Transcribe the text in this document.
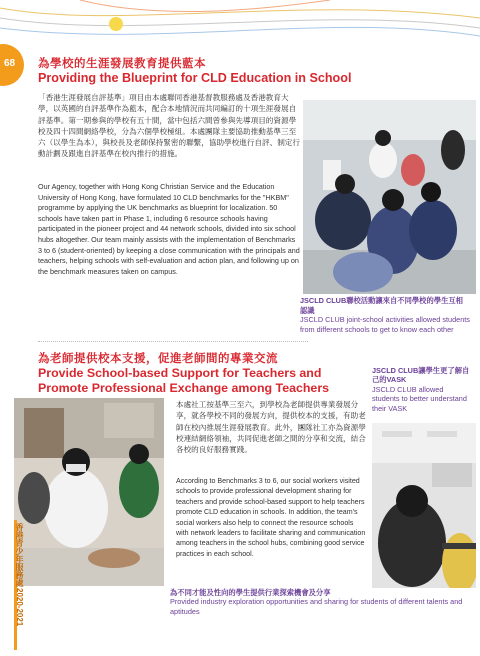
68 為學校的生涯發展教育提供藍本
Providing the Blueprint for CLD Education in School
「香港生涯發展自評基準」項目由本處聯同香港基督教服務處及香港教育大學，以英國的自評基準作為藍本，配合本地情況而共同編訂的十項生涯發展自評基準。第一期參與的學校有五十間，當中包括六間曾參與先導項目的資源學校及四十四間網絡學校，分為六個學校極組。本處團隊主要協助推動基準三至六（以學生為本），與校長及老師保持緊密的聯繫，協助學校進行自評、制定行動計劃及跟進自評基準在校內推行的措施。
Our Agency, together with Hong Kong Christian Service and the Education University of Hong Kong, have formulated 10 CLD benchmarks for the "HKBM" programme by applying the UK benchmarks as blueprint for localization. 50 schools have taken part in Phase 1, including 6 resource schools having participated in the pioneer project and 44 network schools, divided into six school hubs altogether. Our team mainly assists with the implementation of Benchmarks 3 to 6 (student-oriented) by keeping a close communication with the principals and teachers, helping schools with self-evaluation and action plan, and following up on the benchmark measures taken on campus.
JSCLD CLUB聯校活動讓來自不同學校的學生互相認識
JSCLD CLUB joint-school activities allowed students from different schools to get to know each other
為老師提供校本支援，促進老師間的專業交流
Provide School-based Support for Teachers and
Promote Professional Exchange among Teachers
JSCLD CLUB讓學生更了解自己的VASK
JSCLD CLUB allowed students to better understand their VASK
本處社工按基準三至六，到學校為老師提供專業發展分享，就各學校不同的發展方向，提供校本的支援，有助老師在校內推展生涯發展教育。此外，團隊社工亦為資源學校連結網絡領袖，共同促進老師之間的分享和交流，結合各校的良好服務實踐。
According to Benchmarks 3 to 6, our social workers visited schools to provide professional development sharing for teachers and provide school-based support to help teachers promote CLD education in schools. In addition, the team's social workers also help to connect the resource schools with network leaders to facilitate sharing and communication among teachers in the school hubs, combining good service practices in each school.
為不同才能及性向的學生提供行業探索機會及分享
Provided industry exploration opportunities and sharing for students of different talents and aptitudes
香港青少年服務處
2020-2021
